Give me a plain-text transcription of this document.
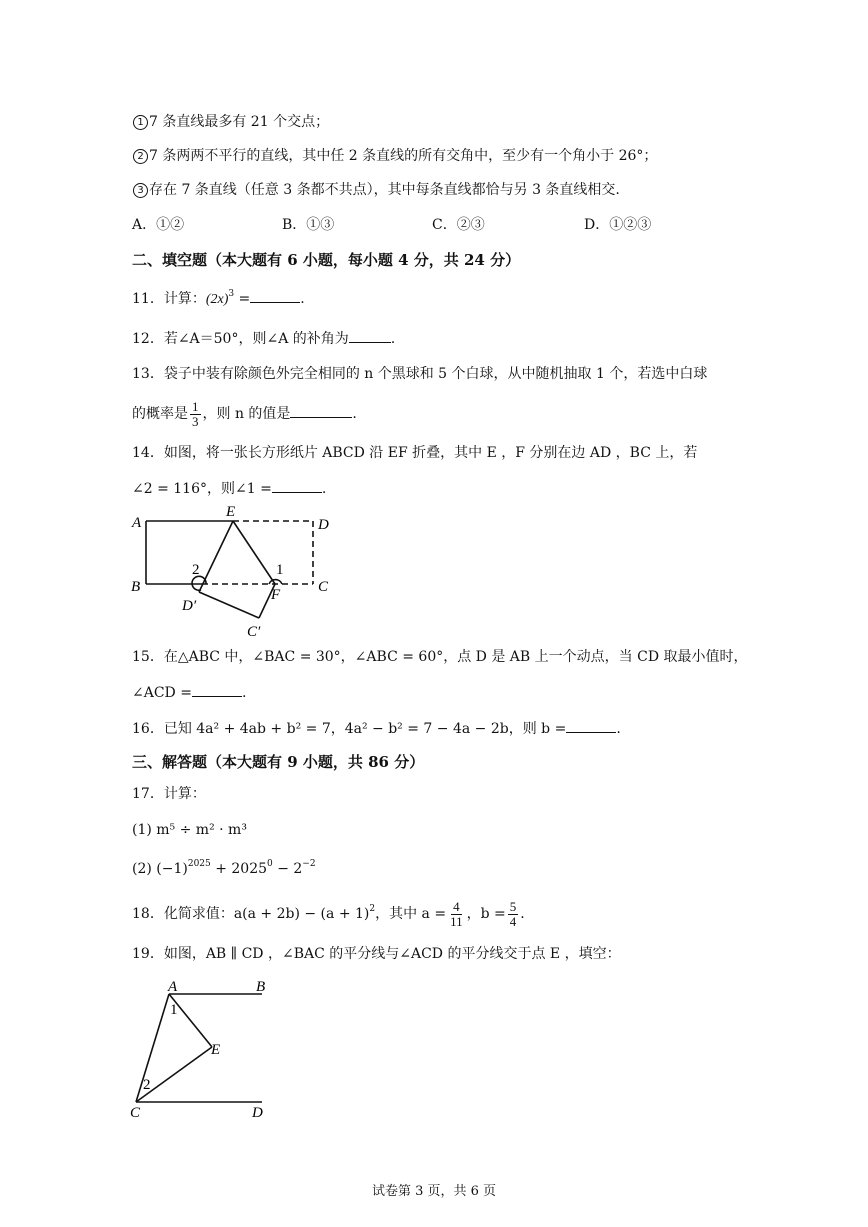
1 7 条直线最多有 21 个交点；
2 7 条两两不平行的直线，其中任 2 条直线的所有交角中，至少有一个角小于 26°；
3 存在 7 条直线（任意 3 条都不共点），其中每条直线都恰与另 3 条直线相交.
A．①②	B．①③	C．②③	D．①②③
二、填空题（本大题有 6 小题，每小题 4 分，共 24 分）
11．计算：$(2x)^3$ =	.
12．若∠A＝50°，则∠A 的补角为	.
13．袋子中装有除颜色外完全相同的 n 个黑球和 5 个白球，从中随机抽取 1 个，若选中白球
的概率是 $\frac{1}{3}$ ，则 n 的值是	.
14．如图，将一张长方形纸片 ABCD 沿 EF 折叠，其中 E ，F 分别在边 AD ，BC 上，若
∠2 = 116°，则∠1 =	.
A
E
D
B	C
F
D′
C′
2	1
15．在△ABC 中，∠BAC = 30°，∠ABC = 60°，点 D 是 AB 上一个动点，当 CD 取最小值时，
∠ACD =	.
16．已知 4a² + 4ab + b² = 7，4a² − b² = 7 − 4a − 2b，则 b =	.
三、解答题（本大题有 9 小题，共 86 分）
17．计算：
(1) m⁵ ÷ m² · m³
(2) $(-1)^{2025} + 2025^0 - 2^{-2}$
18．化简求值：$a(a + 2b) - (a + 1)^2$，其中 $a = \frac{4}{11}$ ，$b = \frac{5}{4}$ .
19．如图，AB ∥ CD ，∠BAC 的平分线与∠ACD 的平分线交于点 E ，填空：
A	B
C	D
E
1
2
试卷第 3 页，共 6 页
